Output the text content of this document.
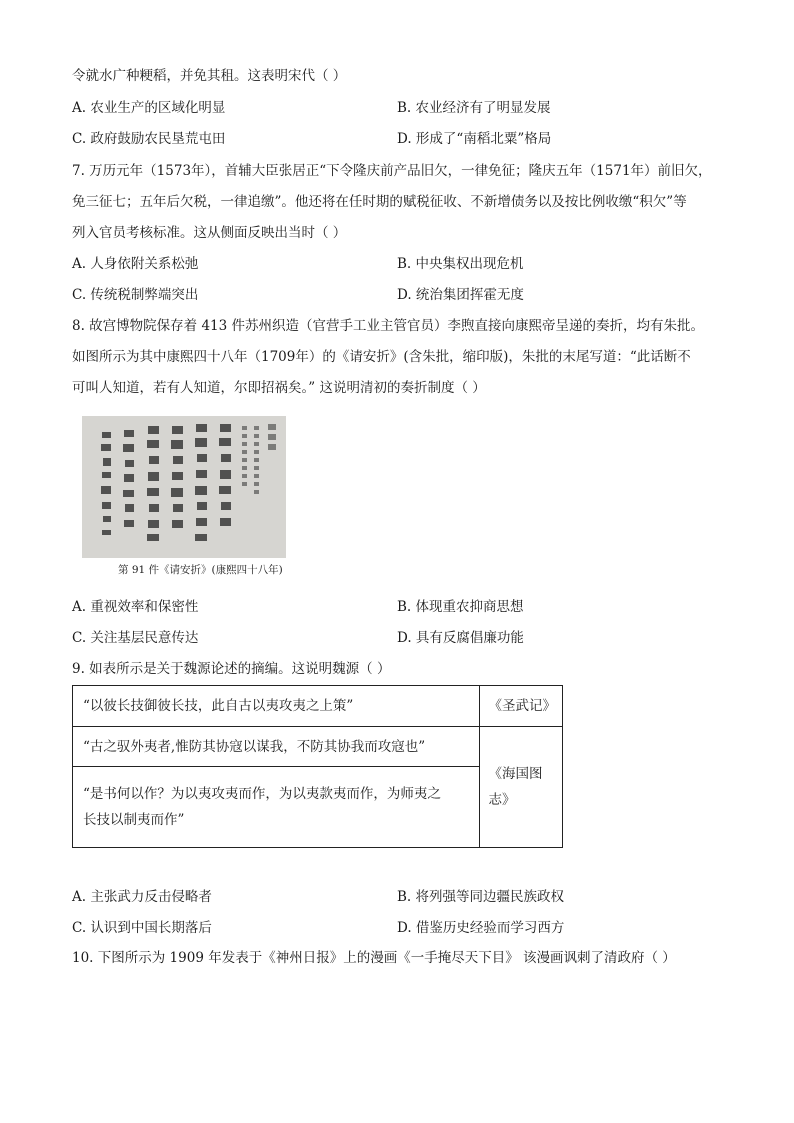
令就水广种粳稻，并免其租。这表明宋代（ ）
A. 农业生产的区域化明显	B. 农业经济有了明显发展
C. 政府鼓励农民垦荒屯田	D. 形成了“南稻北粟”格局
7. 万历元年（1573年），首辅大臣张居正“下令隆庆前产品旧欠，一律免征；隆庆五年（1571年）前旧欠，
免三征七；五年后欠税，一律追缴”。他还将在任时期的赋税征收、不新增债务以及按比例收缴“积欠”等
列入官员考核标准。这从侧面反映出当时（ ）
A. 人身依附关系松弛	B. 中央集权出现危机
C. 传统税制弊端突出	D. 统治集团挥霍无度
8. 故宫博物院保存着 413 件苏州织造（官营手工业主管官员）李煦直接向康熙帝呈递的奏折，均有朱批。
如图所示为其中康熙四十八年（1709年）的《请安折》(含朱批，缩印版)，朱批的末尾写道：“此话断不
可叫人知道，若有人知道，尔即招祸矣。” 这说明清初的奏折制度（ ）
第 91 件《请安折》(康熙四十八年)
A. 重视效率和保密性	B. 体现重农抑商思想
C. 关注基层民意传达	D. 具有反腐倡廉功能
9. 如表所示是关于魏源论述的摘编。这说明魏源（ ）
“以彼长技御彼长技，此自古以夷攻夷之上策”	《圣武记》
“古之驭外夷者,惟防其协寇以谋我，不防其协我而攻寇也”	《海国图
志》

“是书何以作？为以夷攻夷而作，为以夷款夷而作，为师夷之
长技以制夷而作”	
A. 主张武力反击侵略者	B. 将列强等同边疆民族政权
C. 认识到中国长期落后	D. 借鉴历史经验而学习西方
10. 下图所示为 1909 年发表于《神州日报》上的漫画《一手掩尽天下目》 该漫画讽刺了清政府（ ）
